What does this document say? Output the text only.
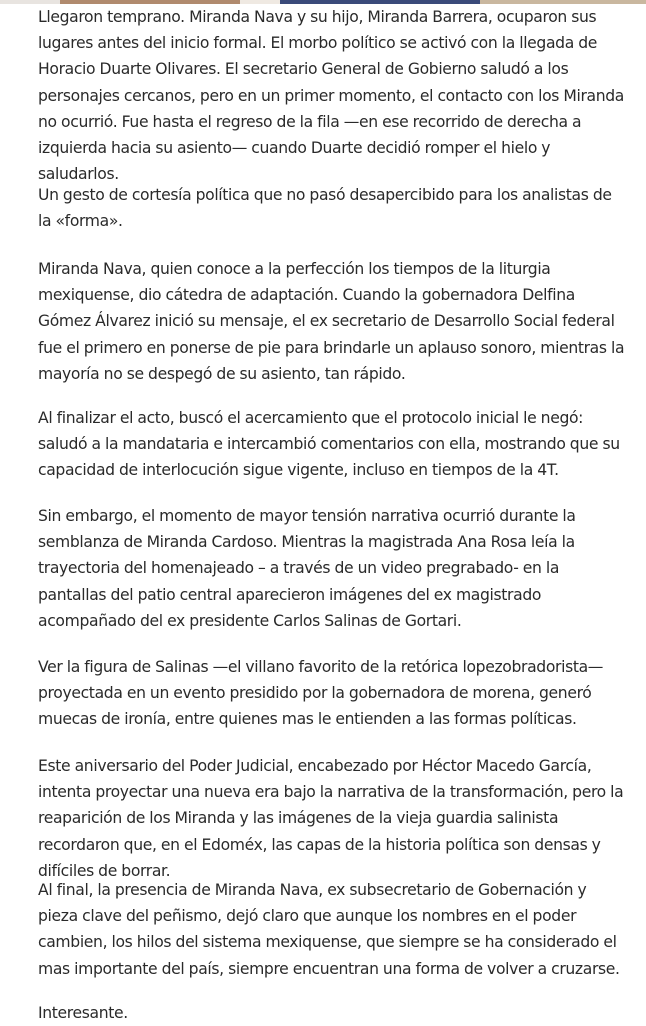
Llegaron temprano. Miranda Nava y su hijo, Miranda Barrera, ocuparon sus lugares antes del inicio formal. El morbo político se activó con la llegada de Horacio Duarte Olivares. El secretario General de Gobierno saludó a los personajes cercanos, pero en un primer momento, el contacto con los Miranda no ocurrió. Fue hasta el regreso de la fila —en ese recorrido de derecha a izquierda hacia su asiento— cuando Duarte decidió romper el hielo y saludarlos.

Un gesto de cortesía política que no pasó desapercibido para los analistas de la «forma».

Miranda Nava, quien conoce a la perfección los tiempos de la liturgia mexiquense, dio cátedra de adaptación. Cuando la gobernadora Delfina Gómez Álvarez inició su mensaje, el ex secretario de Desarrollo Social federal fue el primero en ponerse de pie para brindarle un aplauso sonoro, mientras la mayoría no se despegó de su asiento, tan rápido.

Al finalizar el acto, buscó el acercamiento que el protocolo inicial le negó: saludó a la mandataria e intercambió comentarios con ella, mostrando que su capacidad de interlocución sigue vigente, incluso en tiempos de la 4T.

Sin embargo, el momento de mayor tensión narrativa ocurrió durante la semblanza de Miranda Cardoso. Mientras la magistrada Ana Rosa leía la trayectoria del homenajeado – a través de un video pregrabado- en la pantallas del patio central aparecieron imágenes del ex magistrado acompañado del ex presidente Carlos Salinas de Gortari.

Ver la figura de Salinas —el villano favorito de la retórica lopezobradorista— proyectada en un evento presidido por la gobernadora de morena, generó muecas de ironía, entre quienes mas le entienden a las formas políticas.

Este aniversario del Poder Judicial, encabezado por Héctor Macedo García, intenta proyectar una nueva era bajo la narrativa de la transformación, pero la reaparición de los Miranda y las imágenes de la vieja guardia salinista recordaron que, en el Edoméx, las capas de la historia política son densas y difíciles de borrar.

Al final, la presencia de Miranda Nava, ex subsecretario de Gobernación y pieza clave del peñismo, dejó claro que aunque los nombres en el poder cambien, los hilos del sistema mexiquense, que siempre se ha considerado el mas importante del país, siempre encuentran una forma de volver a cruzarse.

Interesante.
